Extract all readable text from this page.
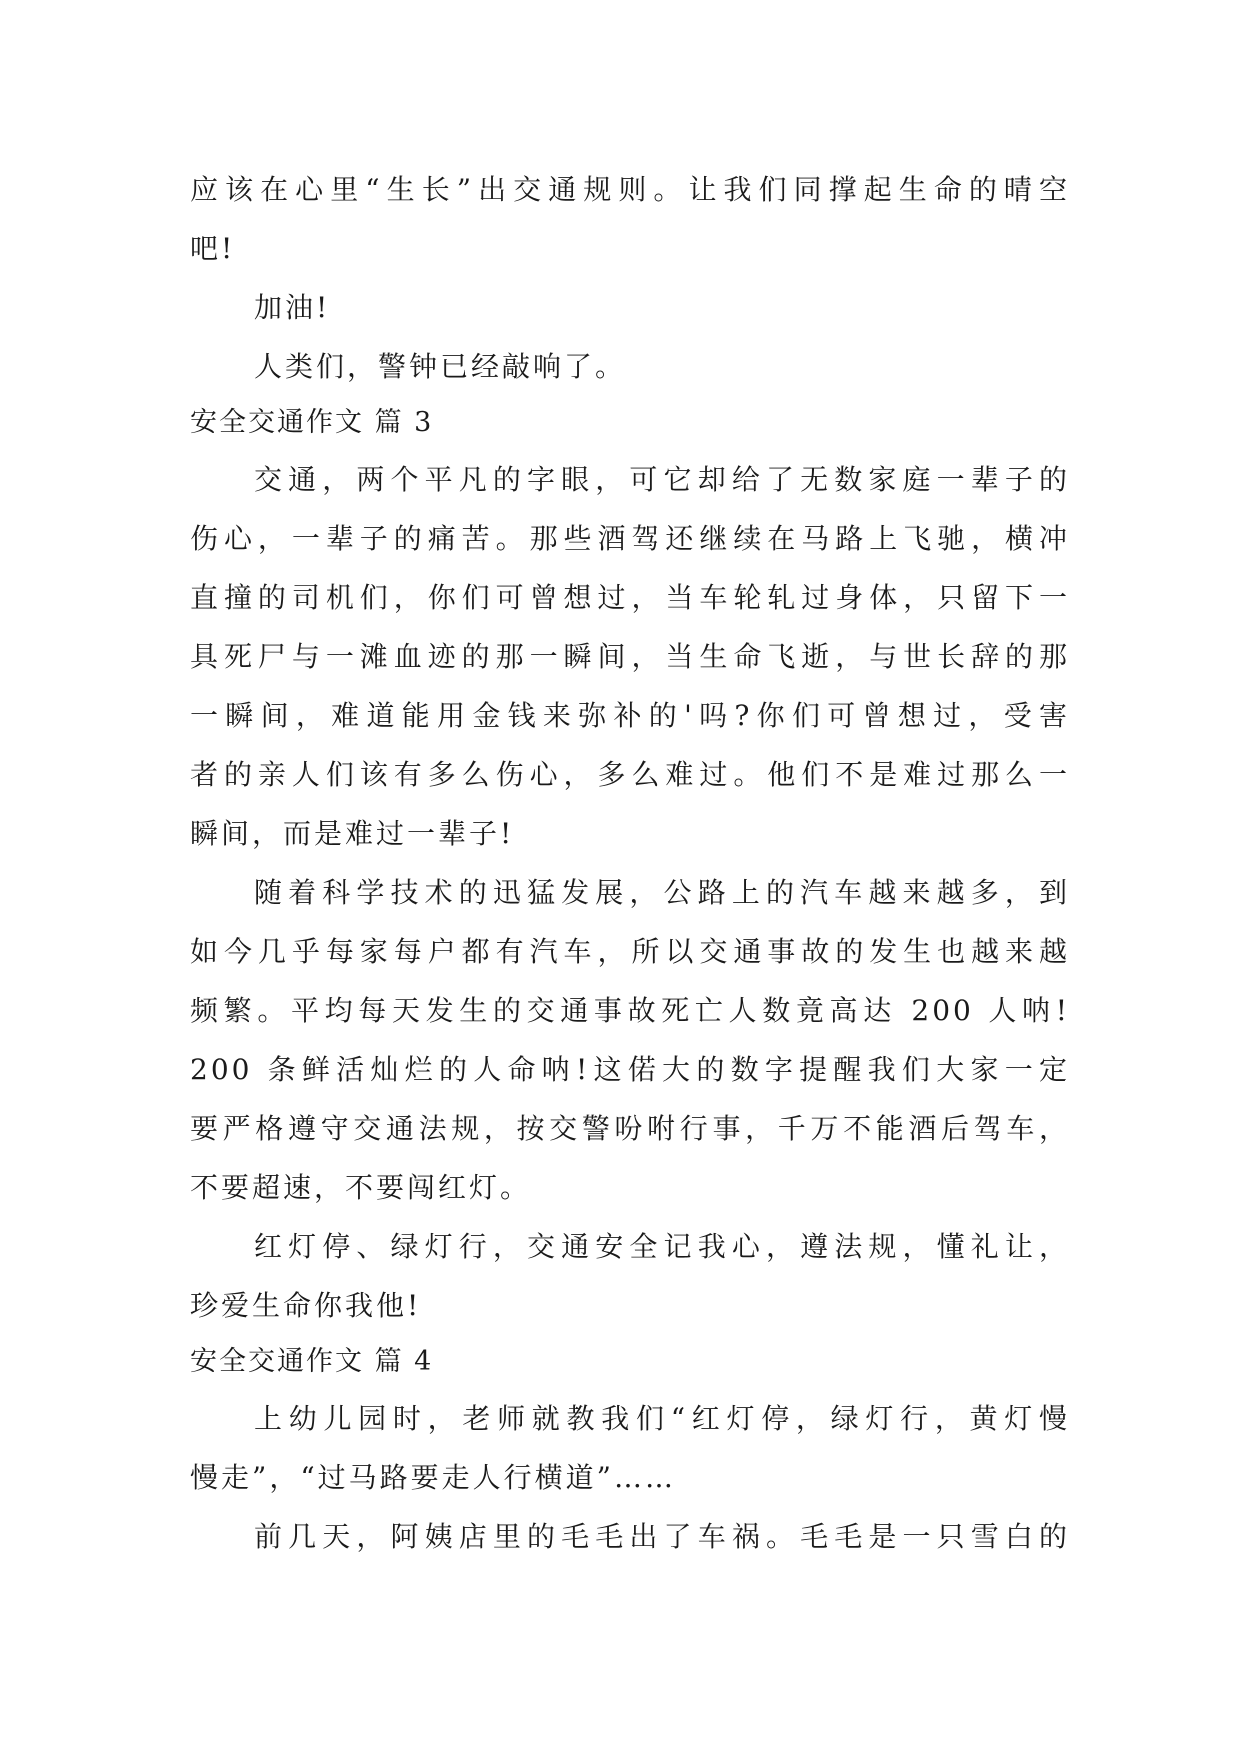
应该在心里“生长”出交通规则。让我们同撑起生命的晴空
吧!
加油!
人类们，警钟已经敲响了。
安全交通作文 篇 3
交通，两个平凡的字眼，可它却给了无数家庭一辈子的
伤心，一辈子的痛苦。那些酒驾还继续在马路上飞驰，横冲
直撞的司机们，你们可曾想过，当车轮轧过身体，只留下一
具死尸与一滩血迹的那一瞬间，当生命飞逝，与世长辞的那
一瞬间，难道能用金钱来弥补的'吗?你们可曾想过，受害
者的亲人们该有多么伤心，多么难过。他们不是难过那么一
瞬间，而是难过一辈子!
随着科学技术的迅猛发展，公路上的汽车越来越多，到
如今几乎每家每户都有汽车，所以交通事故的发生也越来越
频繁。平均每天发生的交通事故死亡人数竟高达 200 人呐!
200 条鲜活灿烂的人命呐!这偌大的数字提醒我们大家一定
要严格遵守交通法规，按交警吩咐行事，千万不能酒后驾车，
不要超速，不要闯红灯。
红灯停、绿灯行，交通安全记我心，遵法规，懂礼让，
珍爱生命你我他!
安全交通作文 篇 4
上幼儿园时，老师就教我们“红灯停，绿灯行，黄灯慢
慢走”，“过马路要走人行横道”……
前几天，阿姨店里的毛毛出了车祸。毛毛是一只雪白的
